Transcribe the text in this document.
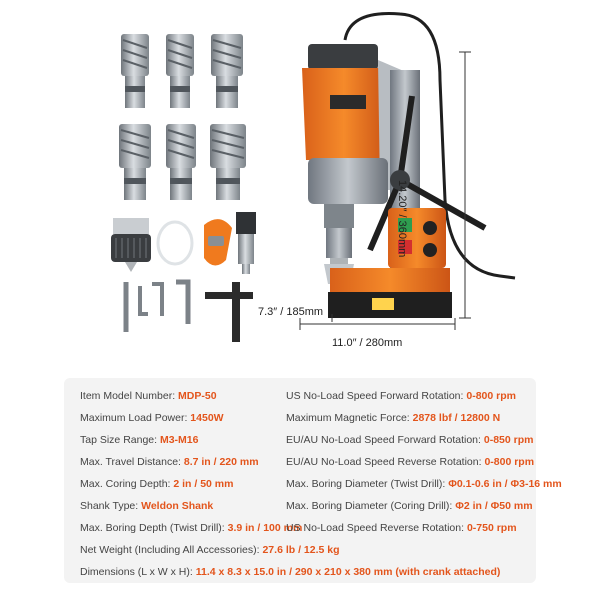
14.20″ / 360mm
7.3″ / 185mm
11.0″ / 280mm
Item Model Number: MDP-50
Maximum Load Power: 1450W
Tap Size Range: M3-M16
Max. Travel Distance: 8.7 in / 220 mm
Max. Coring Depth: 2 in / 50 mm
Shank Type: Weldon Shank
Max. Boring Depth (Twist Drill): 3.9 in / 100 mm
US No-Load Speed Forward Rotation: 0-800 rpm
Maximum Magnetic Force: 2878 lbf / 12800 N
EU/AU No-Load Speed Forward Rotation: 0-850 rpm
EU/AU No-Load Speed Reverse Rotation: 0-800 rpm
Max. Boring Diameter (Twist Drill): Φ0.1-0.6 in / Φ3-16 mm
Max. Boring Diameter (Coring Drill): Φ2 in / Φ50 mm
US No-Load Speed Reverse Rotation: 0-750 rpm
Net Weight (Including All Accessories): 27.6 lb / 12.5 kg
Dimensions (L x W x H): 11.4 x 8.3 x 15.0 in / 290 x 210 x 380 mm (with crank attached)
